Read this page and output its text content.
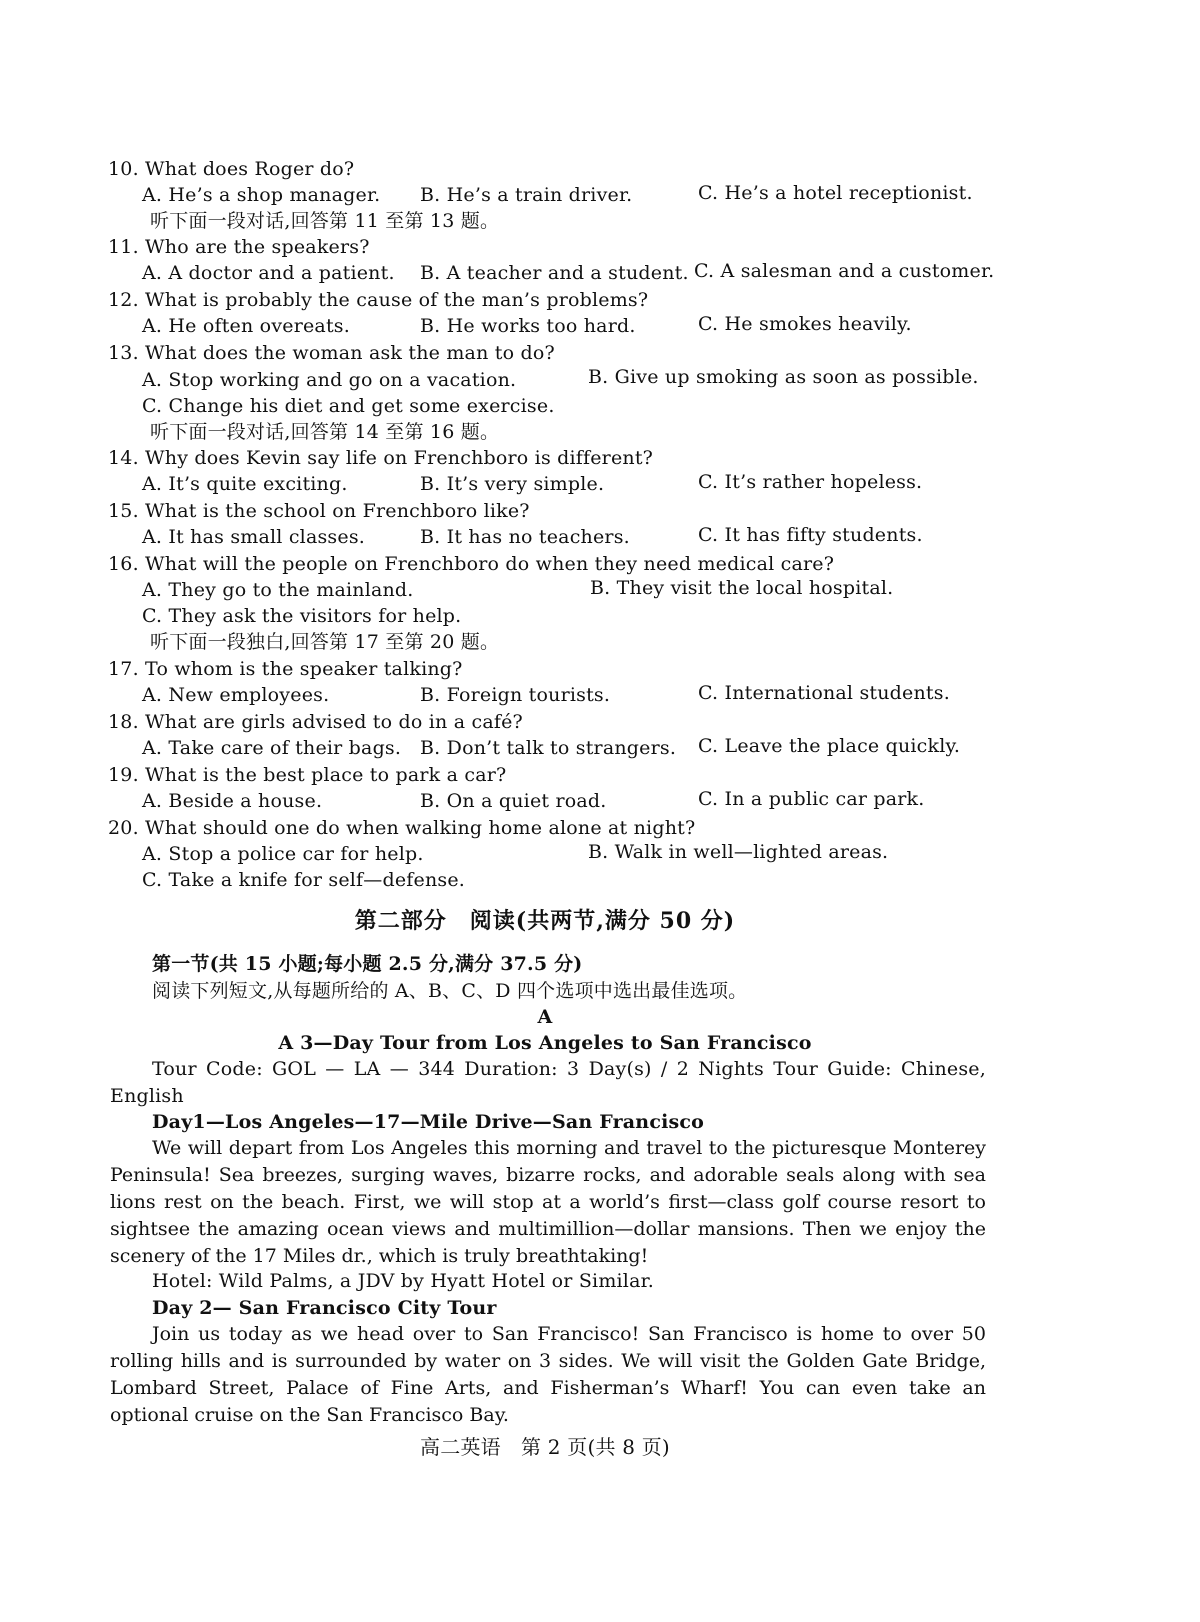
10. What does Roger do?
A. He’s a shop manager. B. He’s a train driver.	C. He’s a hotel receptionist.
听下面一段对话,回答第 11 至第 13 题。
11. Who are the speakers?
A. A doctor and a patient. B. A teacher and a student. C. A salesman and a customer.
12. What is probably the cause of the man’s problems?
A. He often overeats.	B. He works too hard.	C. He smokes heavily.
13. What does the woman ask the man to do?
A. Stop working and go on a vacation.	B. Give up smoking as soon as possible.
C. Change his diet and get some exercise.
听下面一段对话,回答第 14 至第 16 题。
14. Why does Kevin say life on Frenchboro is different?
A. It’s quite exciting.	B. It’s very simple.	C. It’s rather hopeless.
15. What is the school on Frenchboro like?
A. It has small classes.	B. It has no teachers.	C. It has fifty students.
16. What will the people on Frenchboro do when they need medical care?
A. They go to the mainland.	B. They visit the local hospital.
C. They ask the visitors for help.
听下面一段独白,回答第 17 至第 20 题。
17. To whom is the speaker talking?
A. New employees.	B. Foreign tourists.	C. International students.
18. What are girls advised to do in a café?
A. Take care of their bags. B. Don’t talk to strangers. C. Leave the place quickly.
19. What is the best place to park a car?
A. Beside a house.	B. On a quiet road.	C. In a public car park.
20. What should one do when walking home alone at night?
A. Stop a police car for help.	B. Walk in well—lighted areas.
C. Take a knife for self—defense.
第二部分　阅读(共两节,满分 50 分)
第一节(共 15 小题;每小题 2.5 分,满分 37.5 分)
阅读下列短文,从每题所给的 A、B、C、D 四个选项中选出最佳选项。
A
A 3—Day Tour from Los Angeles to San Francisco
Tour Code: GOL — LA — 344 Duration: 3 Day(s) / 2 Nights Tour Guide: Chinese,
English
Day1—Los Angeles—17—Mile Drive—San Francisco
We will depart from Los Angeles this morning and travel to the picturesque Monterey Peninsula! Sea breezes, surging waves, bizarre rocks, and adorable seals along with sea lions rest on the beach. First, we will stop at a world’s first—class golf course resort to sightsee the amazing ocean views and multimillion—dollar mansions. Then we enjoy the scenery of the 17 Miles dr., which is truly breathtaking!
Hotel: Wild Palms, a JDV by Hyatt Hotel or Similar.
Day 2— San Francisco City Tour
Join us today as we head over to San Francisco! San Francisco is home to over 50 rolling hills and is surrounded by water on 3 sides. We will visit the Golden Gate Bridge, Lombard Street, Palace of Fine Arts, and Fisherman’s Wharf! You can even take an optional cruise on the San Francisco Bay.
高二英语　第 2 页(共 8 页)
